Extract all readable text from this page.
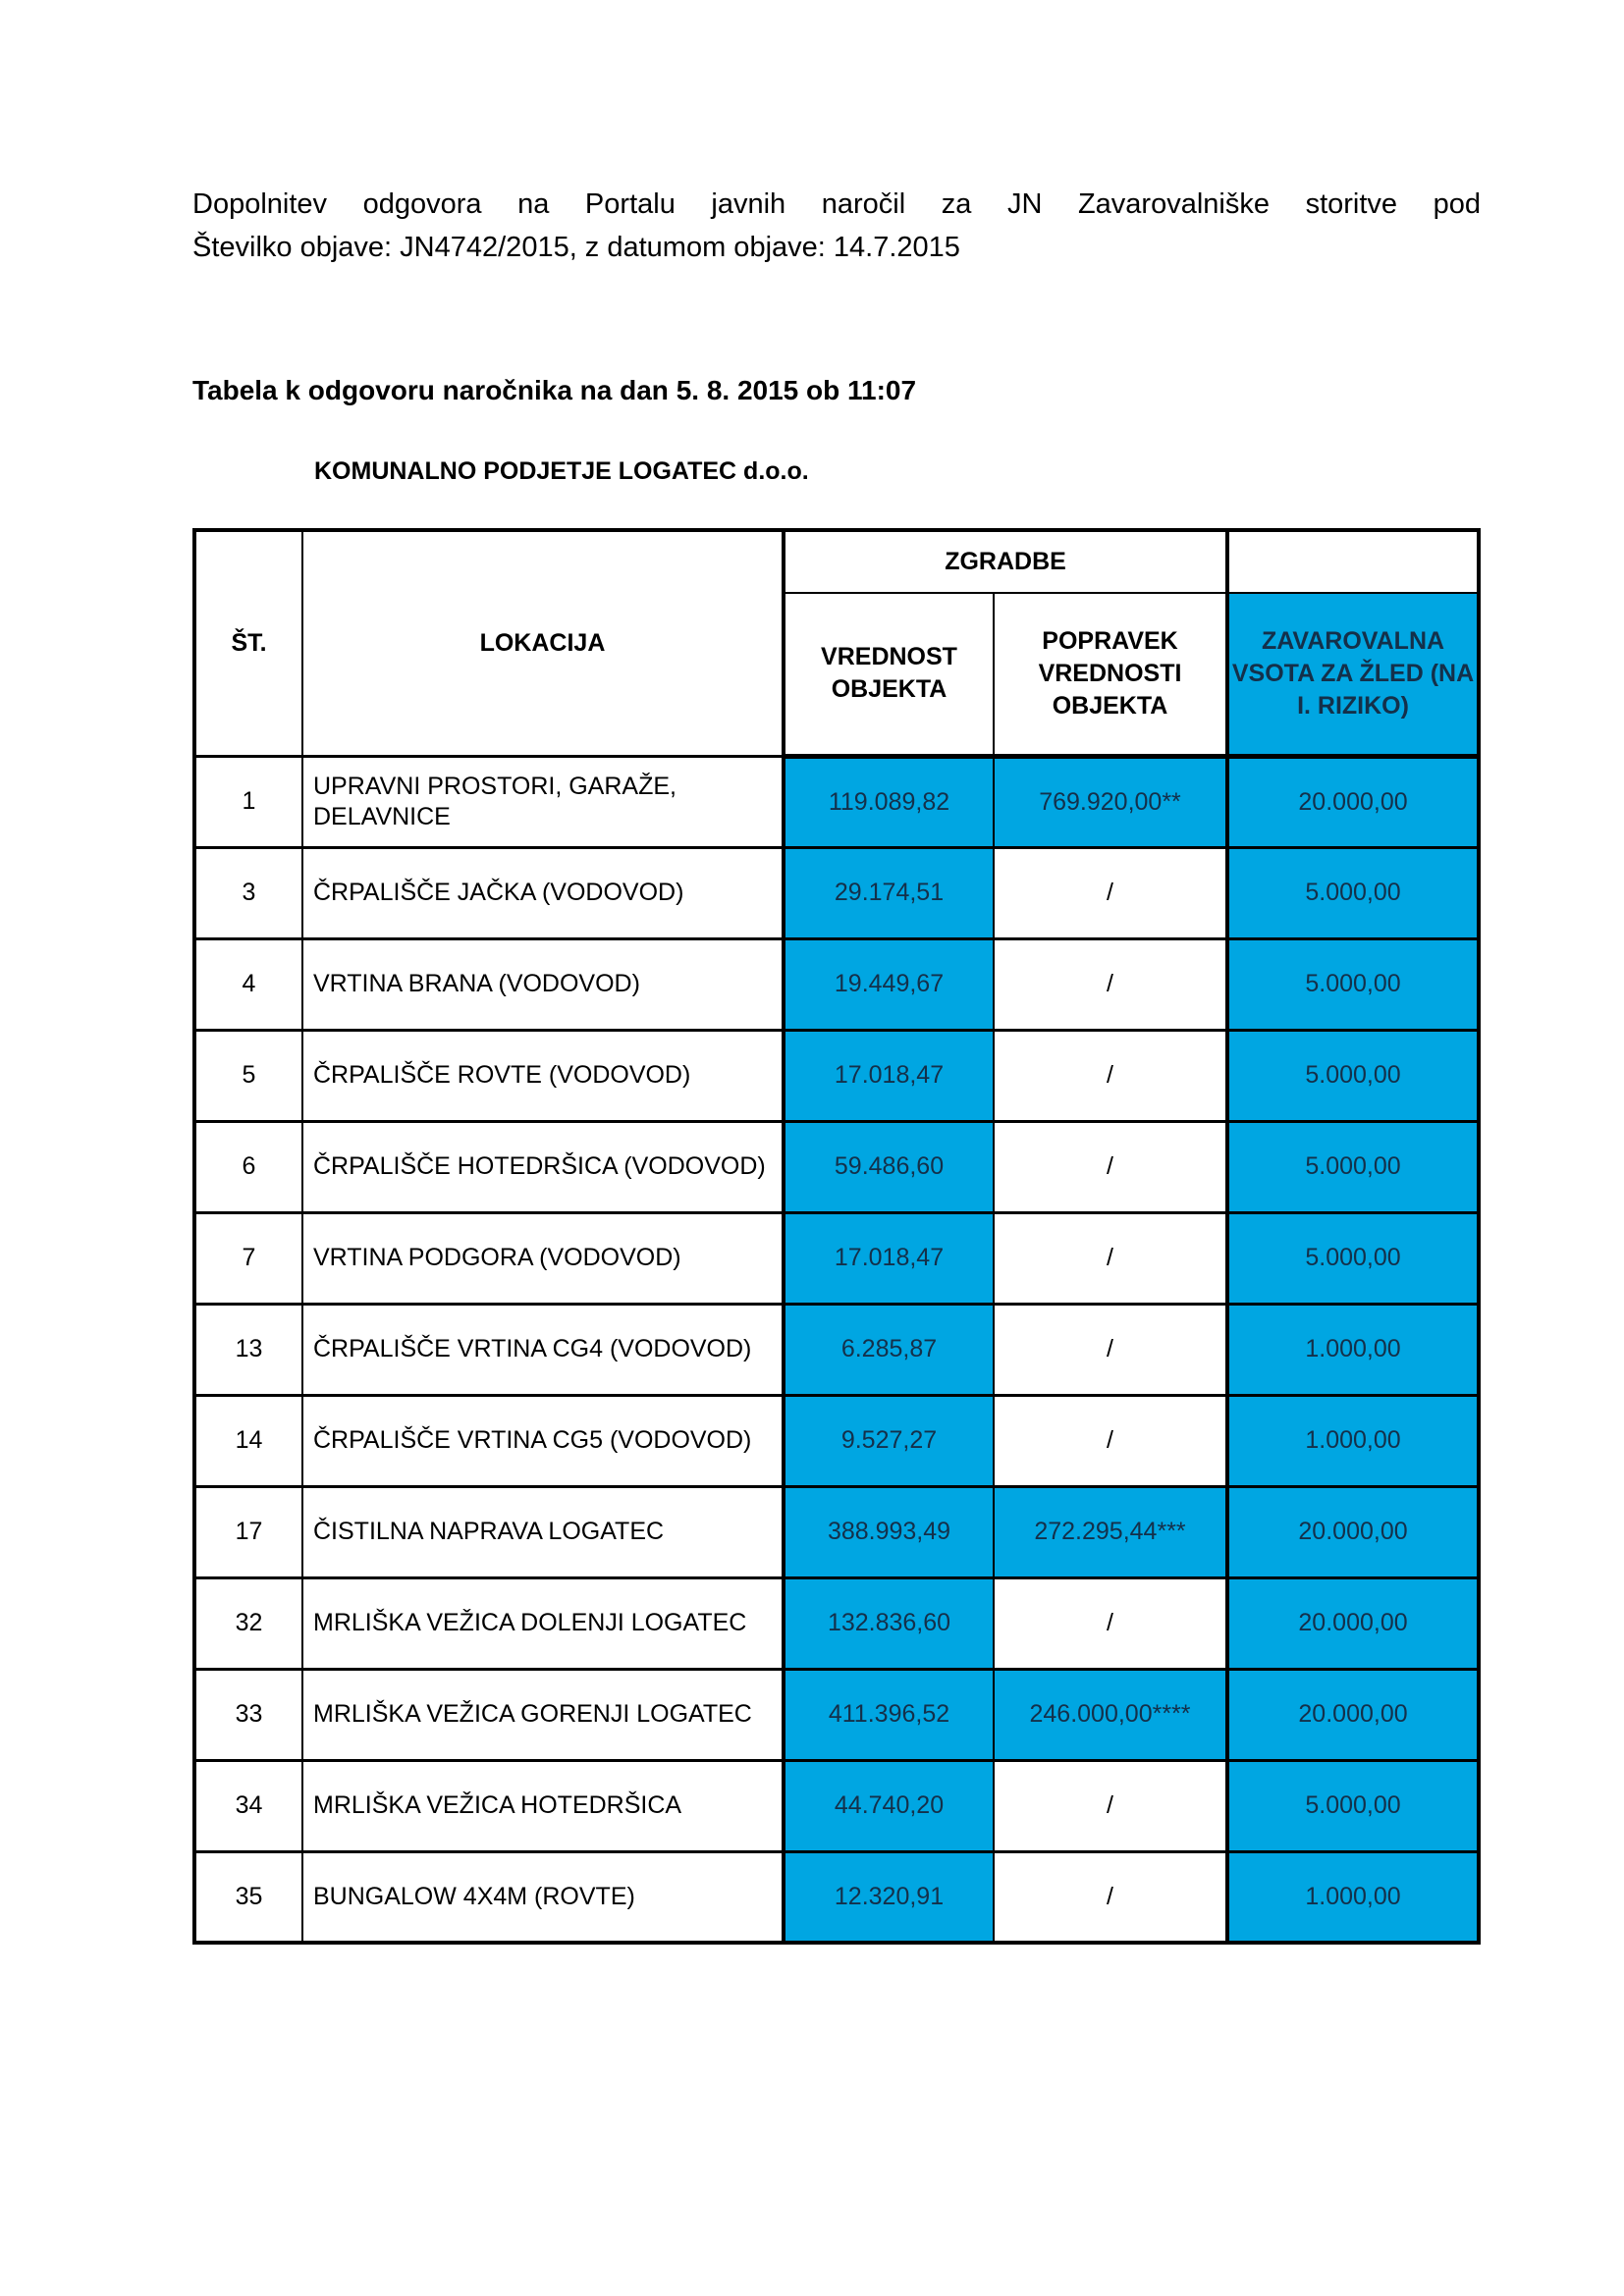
Dopolnitev odgovora na Portalu javnih naročil za JN Zavarovalniške storitve pod
Številko objave: JN4742/2015, z datumom objave: 14.7.2015
Tabela k odgovoru naročnika na dan 5. 8. 2015 ob 11:07
KOMUNALNO PODJETJE LOGATEC d.o.o.
ŠT.	LOKACIJA	ZGRADBE		
		VREDNOST OBJEKTA	POPRAVEK VREDNOSTI OBJEKTA	ZAVAROVALNA VSOTA ZA ŽLED (NA I. RIZIKO)
1	UPRAVNI PROSTORI, GARAŽE, DELAVNICE	119.089,82	769.920,00**	20.000,00
3	ČRPALIŠČE JAČKA (VODOVOD)	29.174,51	/	5.000,00
4	VRTINA BRANA (VODOVOD)	19.449,67	/	5.000,00
5	ČRPALIŠČE ROVTE (VODOVOD)	17.018,47	/	5.000,00
6	ČRPALIŠČE HOTEDRŠICA (VODOVOD)	59.486,60	/	5.000,00
7	VRTINA PODGORA (VODOVOD)	17.018,47	/	5.000,00
13	ČRPALIŠČE VRTINA CG4 (VODOVOD)	6.285,87	/	1.000,00
14	ČRPALIŠČE VRTINA CG5 (VODOVOD)	9.527,27	/	1.000,00
17	ČISTILNA NAPRAVA LOGATEC	388.993,49	272.295,44***	20.000,00
32	MRLIŠKA VEŽICA DOLENJI LOGATEC	132.836,60	/	20.000,00
33	MRLIŠKA VEŽICA GORENJI LOGATEC	411.396,52	246.000,00****	20.000,00
34	MRLIŠKA VEŽICA HOTEDRŠICA	44.740,20	/	5.000,00
35	BUNGALOW 4X4M (ROVTE)	12.320,91	/	1.000,00
